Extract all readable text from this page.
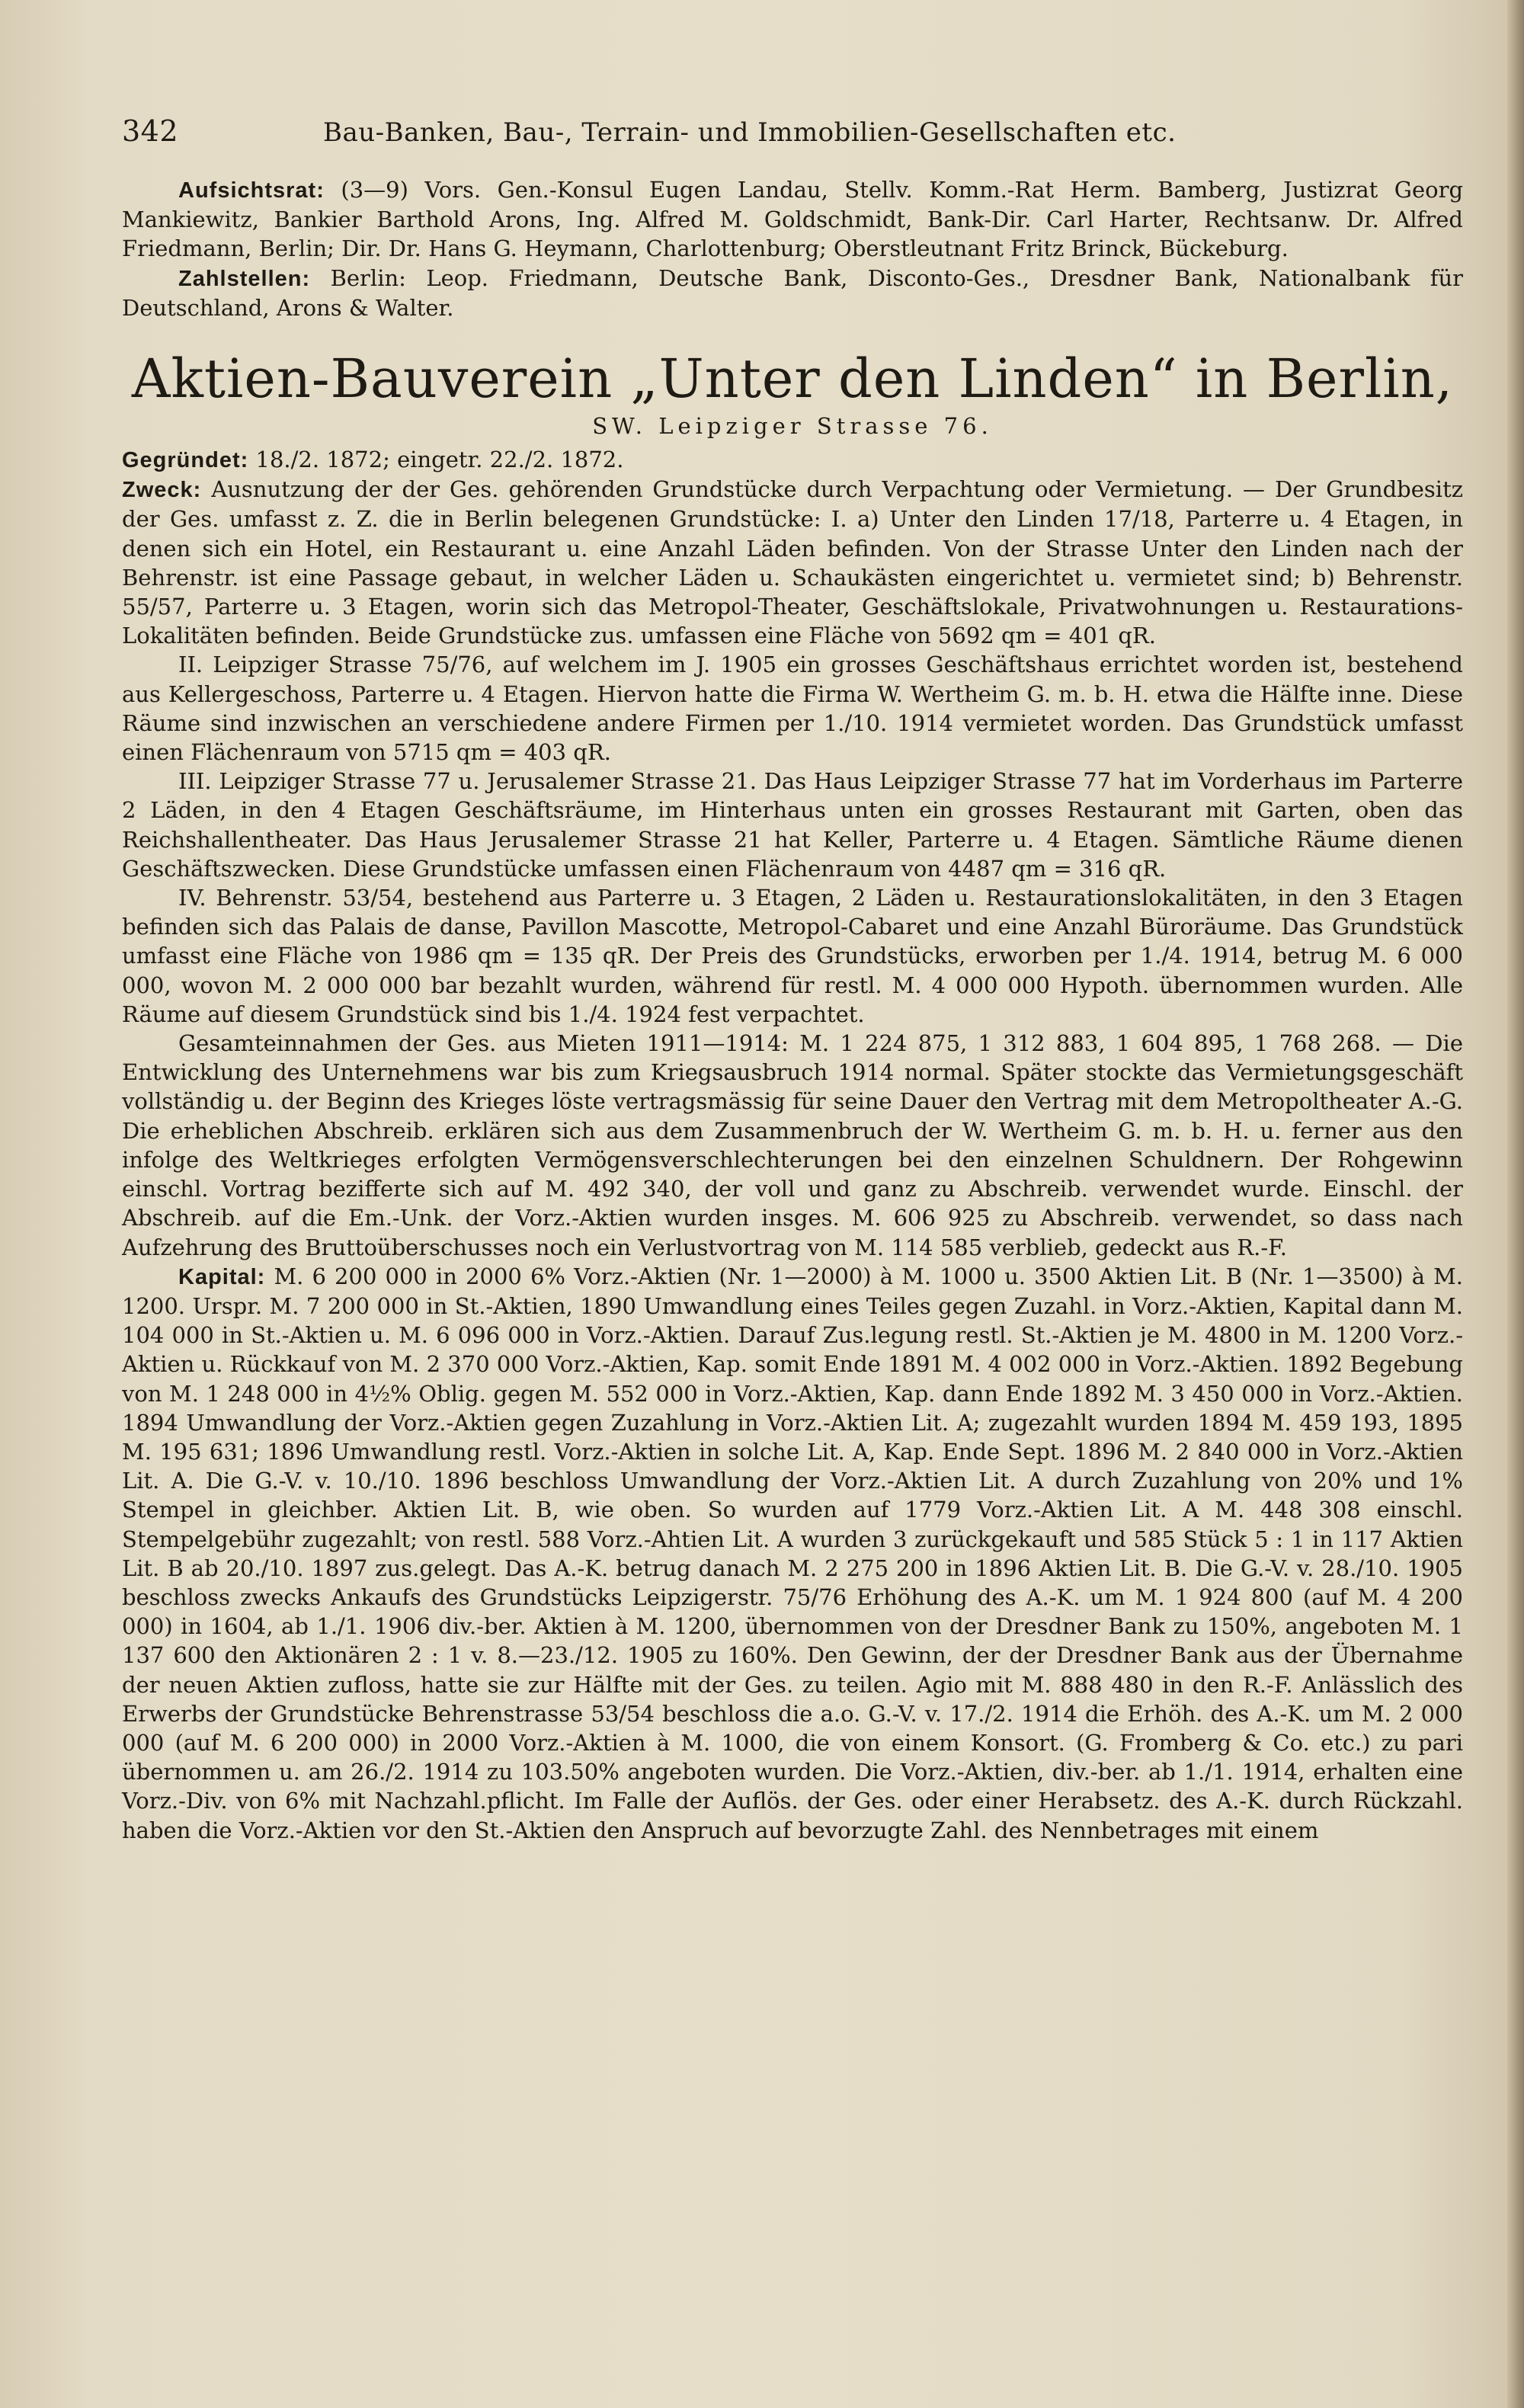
342	Bau-Banken, Bau-, Terrain- und Immobilien-Gesellschaften etc.

Aufsichtsrat: (3—9) Vors. Gen.-Konsul Eugen Landau, Stellv. Komm.-Rat Herm. Bamberg, Justizrat Georg Mankiewitz, Bankier Barthold Arons, Ing. Alfred M. Goldschmidt, Bank-Dir. Carl Harter, Rechtsanw. Dr. Alfred Friedmann, Berlin; Dir. Dr. Hans G. Heymann, Charlottenburg; Oberstleutnant Fritz Brinck, Bückeburg.

Zahlstellen: Berlin: Leop. Friedmann, Deutsche Bank, Disconto-Ges., Dresdner Bank, Nationalbank für Deutschland, Arons & Walter.

Aktien-Bauverein „Unter den Linden“ in Berlin,
SW. Leipziger Strasse 76.

Gegründet: 18./2. 1872; eingetr. 22./2. 1872.

Zweck: Ausnutzung der der Ges. gehörenden Grundstücke durch Verpachtung oder Vermietung. — Der Grundbesitz der Ges. umfasst z. Z. die in Berlin belegenen Grundstücke: I. a) Unter den Linden 17/18, Parterre u. 4 Etagen, in denen sich ein Hotel, ein Restaurant u. eine Anzahl Läden befinden. Von der Strasse Unter den Linden nach der Behrenstr. ist eine Passage gebaut, in welcher Läden u. Schaukästen eingerichtet u. vermietet sind; b) Behrenstr. 55/57, Parterre u. 3 Etagen, worin sich das Metropol-Theater, Geschäftslokale, Privatwohnungen u. Restaurations-Lokalitäten befinden. Beide Grundstücke zus. umfassen eine Fläche von 5692 qm = 401 qR.

II. Leipziger Strasse 75/76, auf welchem im J. 1905 ein grosses Geschäftshaus errichtet worden ist, bestehend aus Kellergeschoss, Parterre u. 4 Etagen. Hiervon hatte die Firma W. Wertheim G. m. b. H. etwa die Hälfte inne. Diese Räume sind inzwischen an verschiedene andere Firmen per 1./10. 1914 vermietet worden. Das Grundstück umfasst einen Flächenraum von 5715 qm = 403 qR.

III. Leipziger Strasse 77 u. Jerusalemer Strasse 21. Das Haus Leipziger Strasse 77 hat im Vorderhaus im Parterre 2 Läden, in den 4 Etagen Geschäftsräume, im Hinterhaus unten ein grosses Restaurant mit Garten, oben das Reichshallentheater. Das Haus Jerusalemer Strasse 21 hat Keller, Parterre u. 4 Etagen. Sämtliche Räume dienen Geschäftszwecken. Diese Grundstücke umfassen einen Flächenraum von 4487 qm = 316 qR.

IV. Behrenstr. 53/54, bestehend aus Parterre u. 3 Etagen, 2 Läden u. Restaurationslokalitäten, in den 3 Etagen befinden sich das Palais de danse, Pavillon Mascotte, Metropol-Cabaret und eine Anzahl Büroräume. Das Grundstück umfasst eine Fläche von 1986 qm = 135 qR. Der Preis des Grundstücks, erworben per 1./4. 1914, betrug M. 6 000 000, wovon M. 2 000 000 bar bezahlt wurden, während für restl. M. 4 000 000 Hypoth. übernommen wurden. Alle Räume auf diesem Grundstück sind bis 1./4. 1924 fest verpachtet.

Gesamteinnahmen der Ges. aus Mieten 1911—1914: M. 1 224 875, 1 312 883, 1 604 895, 1 768 268. — Die Entwicklung des Unternehmens war bis zum Kriegsausbruch 1914 normal. Später stockte das Vermietungsgeschäft vollständig u. der Beginn des Krieges löste vertragsmässig für seine Dauer den Vertrag mit dem Metropoltheater A.-G. Die erheblichen Abschreib. erklären sich aus dem Zusammenbruch der W. Wertheim G. m. b. H. u. ferner aus den infolge des Weltkrieges erfolgten Vermögensverschlechterungen bei den einzelnen Schuldnern. Der Rohgewinn einschl. Vortrag bezifferte sich auf M. 492 340, der voll und ganz zu Abschreib. verwendet wurde. Einschl. der Abschreib. auf die Em.-Unk. der Vorz.-Aktien wurden insges. M. 606 925 zu Abschreib. verwendet, so dass nach Aufzehrung des Bruttoüberschusses noch ein Verlustvortrag von M. 114 585 verblieb, gedeckt aus R.-F.

Kapital: M. 6 200 000 in 2000 6% Vorz.-Aktien (Nr. 1—2000) à M. 1000 u. 3500 Aktien Lit. B (Nr. 1—3500) à M. 1200. Urspr. M. 7 200 000 in St.-Aktien, 1890 Umwandlung eines Teiles gegen Zuzahl. in Vorz.-Aktien, Kapital dann M. 104 000 in St.-Aktien u. M. 6 096 000 in Vorz.-Aktien. Darauf Zus.legung restl. St.-Aktien je M. 4800 in M. 1200 Vorz.-Aktien u. Rückkauf von M. 2 370 000 Vorz.-Aktien, Kap. somit Ende 1891 M. 4 002 000 in Vorz.-Aktien. 1892 Begebung von M. 1 248 000 in 4½% Oblig. gegen M. 552 000 in Vorz.-Aktien, Kap. dann Ende 1892 M. 3 450 000 in Vorz.-Aktien. 1894 Umwandlung der Vorz.-Aktien gegen Zuzahlung in Vorz.-Aktien Lit. A; zugezahlt wurden 1894 M. 459 193, 1895 M. 195 631; 1896 Umwandlung restl. Vorz.-Aktien in solche Lit. A, Kap. Ende Sept. 1896 M. 2 840 000 in Vorz.-Aktien Lit. A. Die G.-V. v. 10./10. 1896 beschloss Umwandlung der Vorz.-Aktien Lit. A durch Zuzahlung von 20% und 1% Stempel in gleichber. Aktien Lit. B, wie oben. So wurden auf 1779 Vorz.-Aktien Lit. A M. 448 308 einschl. Stempelgebühr zugezahlt; von restl. 588 Vorz.-Ahtien Lit. A wurden 3 zurückgekauft und 585 Stück 5 : 1 in 117 Aktien Lit. B ab 20./10. 1897 zus.gelegt. Das A.-K. betrug danach M. 2 275 200 in 1896 Aktien Lit. B. Die G.-V. v. 28./10. 1905 beschloss zwecks Ankaufs des Grundstücks Leipzigerstr. 75/76 Erhöhung des A.-K. um M. 1 924 800 (auf M. 4 200 000) in 1604, ab 1./1. 1906 div.-ber. Aktien à M. 1200, übernommen von der Dresdner Bank zu 150%, angeboten M. 1 137 600 den Aktionären 2 : 1 v. 8.—23./12. 1905 zu 160%. Den Gewinn, der der Dresdner Bank aus der Übernahme der neuen Aktien zufloss, hatte sie zur Hälfte mit der Ges. zu teilen. Agio mit M. 888 480 in den R.-F. Anlässlich des Erwerbs der Grundstücke Behrenstrasse 53/54 beschloss die a.o. G.-V. v. 17./2. 1914 die Erhöh. des A.-K. um M. 2 000 000 (auf M. 6 200 000) in 2000 Vorz.-Aktien à M. 1000, die von einem Konsort. (G. Fromberg & Co. etc.) zu pari übernommen u. am 26./2. 1914 zu 103.50% angeboten wurden. Die Vorz.-Aktien, div.-ber. ab 1./1. 1914, erhalten eine Vorz.-Div. von 6% mit Nachzahl.pflicht. Im Falle der Auflös. der Ges. oder einer Herabsetz. des A.-K. durch Rückzahl. haben die Vorz.-Aktien vor den St.-Aktien den Anspruch auf bevorzugte Zahl. des Nennbetrages mit einem
